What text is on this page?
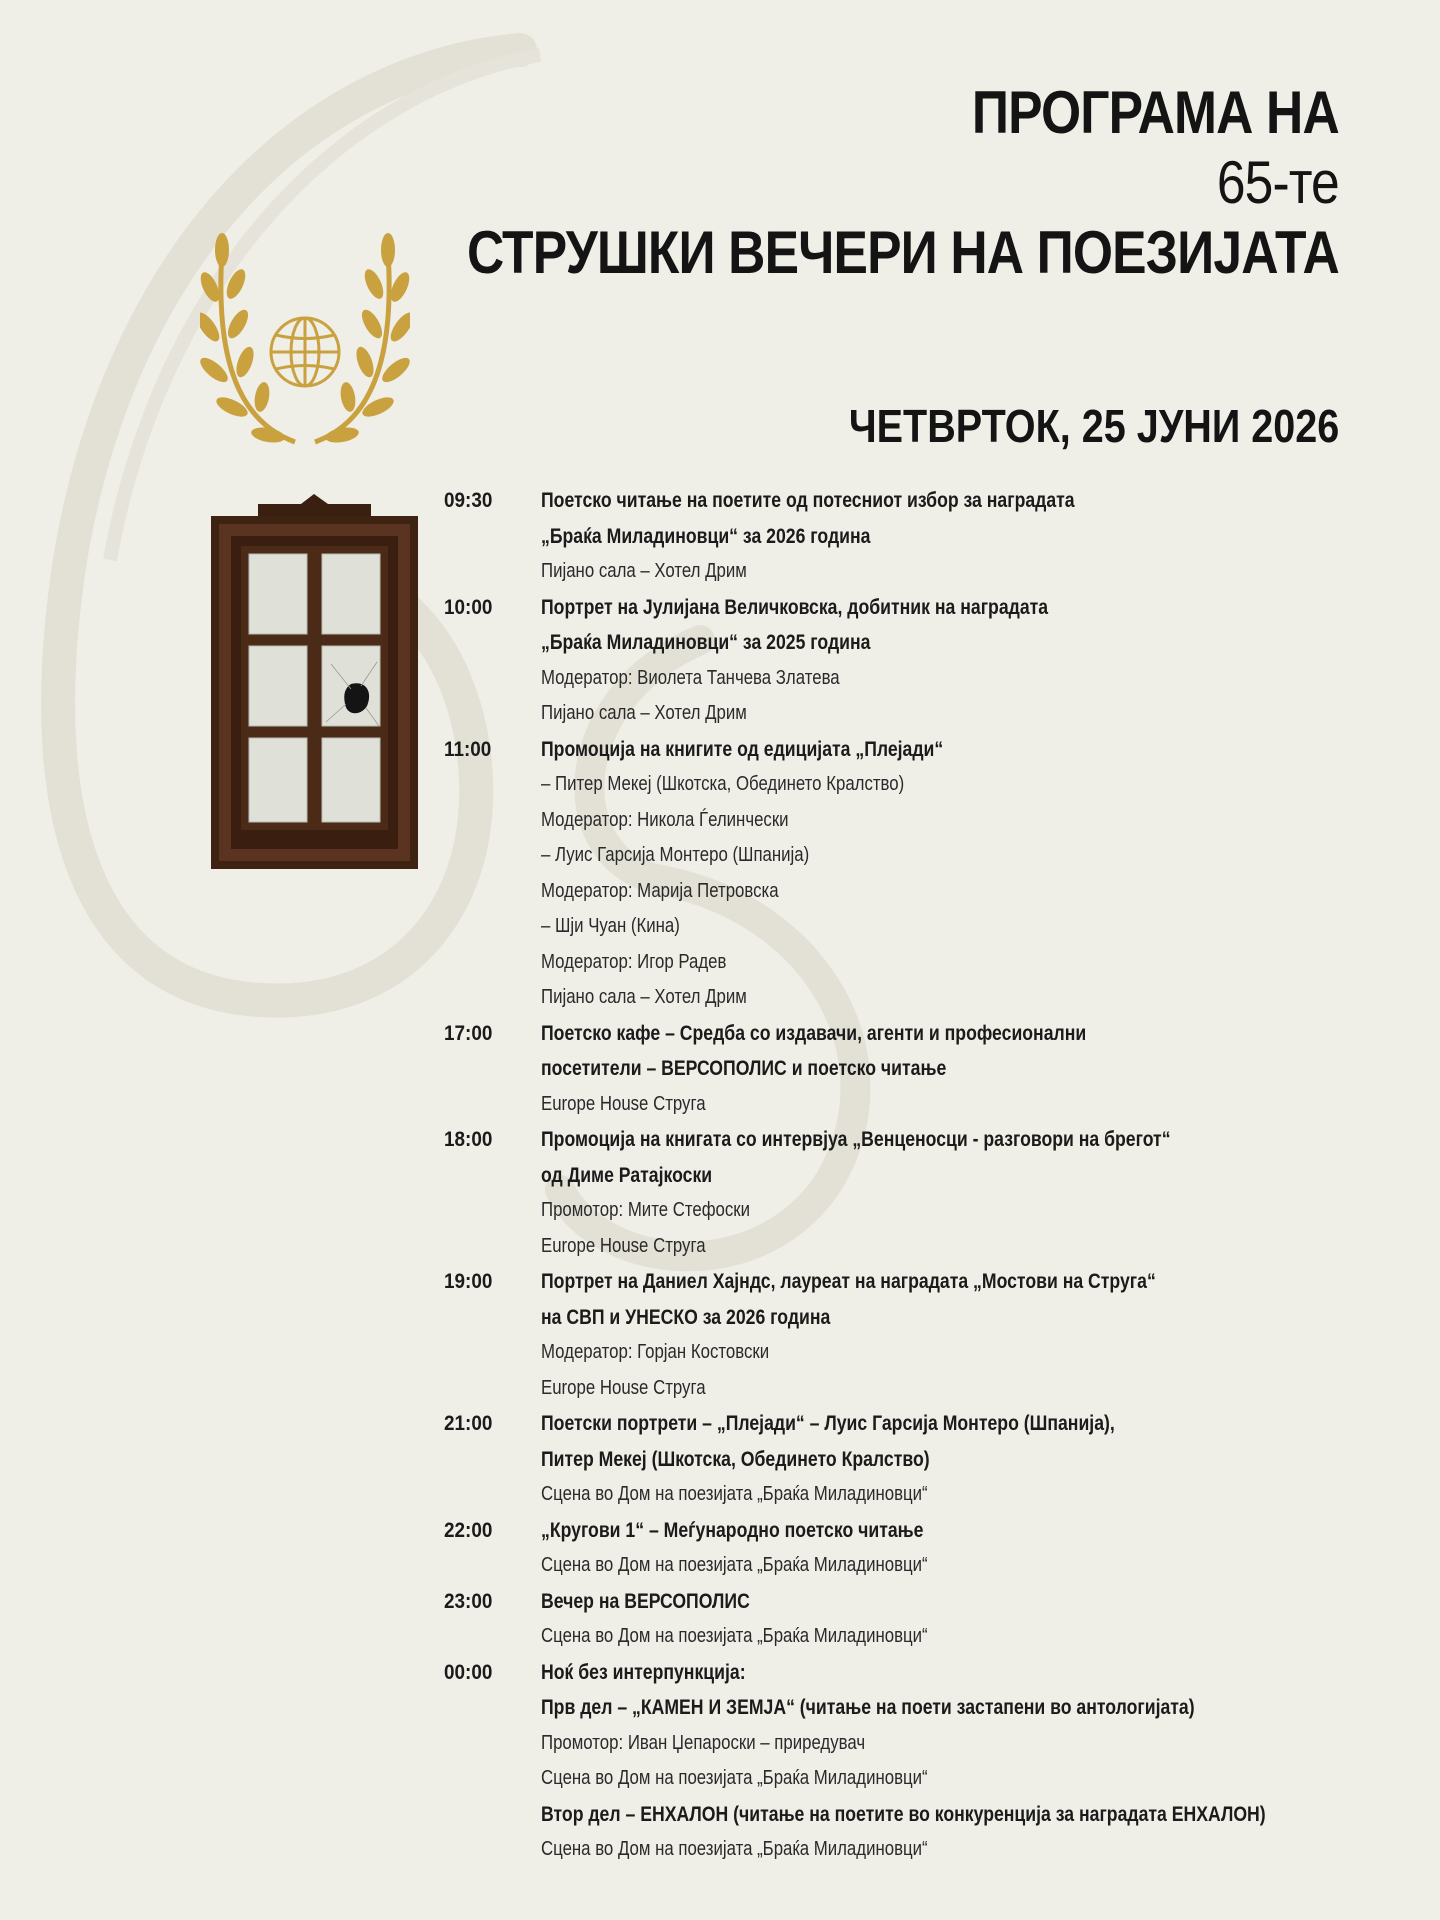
ПРОГРАМА НА
65-те
СТРУШКИ ВЕЧЕРИ НА ПОЕЗИЈАТА
ЧЕТВРТОК, 25 ЈУНИ 2026
09:30	Поетско читање на поетите од потесниот избор за наградата
„Браќа Миладиновци“ за 2026 година
Пијано сала – Хотел Дрим
10:00	Портрет на Јулијана Величковска, добитник на наградата
„Браќа Миладиновци“ за 2025 година
Модератор: Виолета Танчева Златева
Пијано сала – Хотел Дрим
11:00	Промоција на книгите од едицијата „Плејади“
– Питер Мекеј (Шкотска, Обединето Кралство)
Модератор: Никола Ѓелинчески
– Луис Гарсија Монтеро (Шпанија)
Модератор: Марија Петровска
– Шји Чуан (Кина)
Модератор: Игор Радев
Пијано сала – Хотел Дрим
17:00	Поетско кафе – Средба со издавачи, агенти и професионални
посетители – ВЕРСОПОЛИС и поетско читање
Europe House Струга
18:00	Промоција на книгата со интервјуа „Венценосци - разговори на брегот“
од Диме Ратајкоски
Промотор: Мите Стефоски
Europe House Струга
19:00	Портрет на Даниел Хајндс, лауреат на наградата „Мостови на Струга“
на СВП и УНЕСКО за 2026 година
Модератор: Горјан Костовски
Europe House Струга
21:00	Поетски портрети – „Плејади“ – Луис Гарсија Монтеро (Шпанија),
Питер Мекеј (Шкотска, Обединето Кралство)
Сцена во Дом на поезијата „Браќа Миладиновци“
22:00	„Кругови 1“ – Меѓународно поетско читање
Сцена во Дом на поезијата „Браќа Миладиновци“
23:00	Вечер на ВЕРСОПОЛИС
Сцена во Дом на поезијата „Браќа Миладиновци“
00:00	Ноќ без интерпункција:
Прв дел – „КАМЕН И ЗЕМЈА“ (читање на поети застапени во антологијата)
Промотор: Иван Џепароски – приредувач
Сцена во Дом на поезијата „Браќа Миладиновци“
Втор дел – ЕНХАЛОН (читање на поетите во конкуренција за наградата ЕНХАЛОН)
Сцена во Дом на поезијата „Браќа Миладиновци“
